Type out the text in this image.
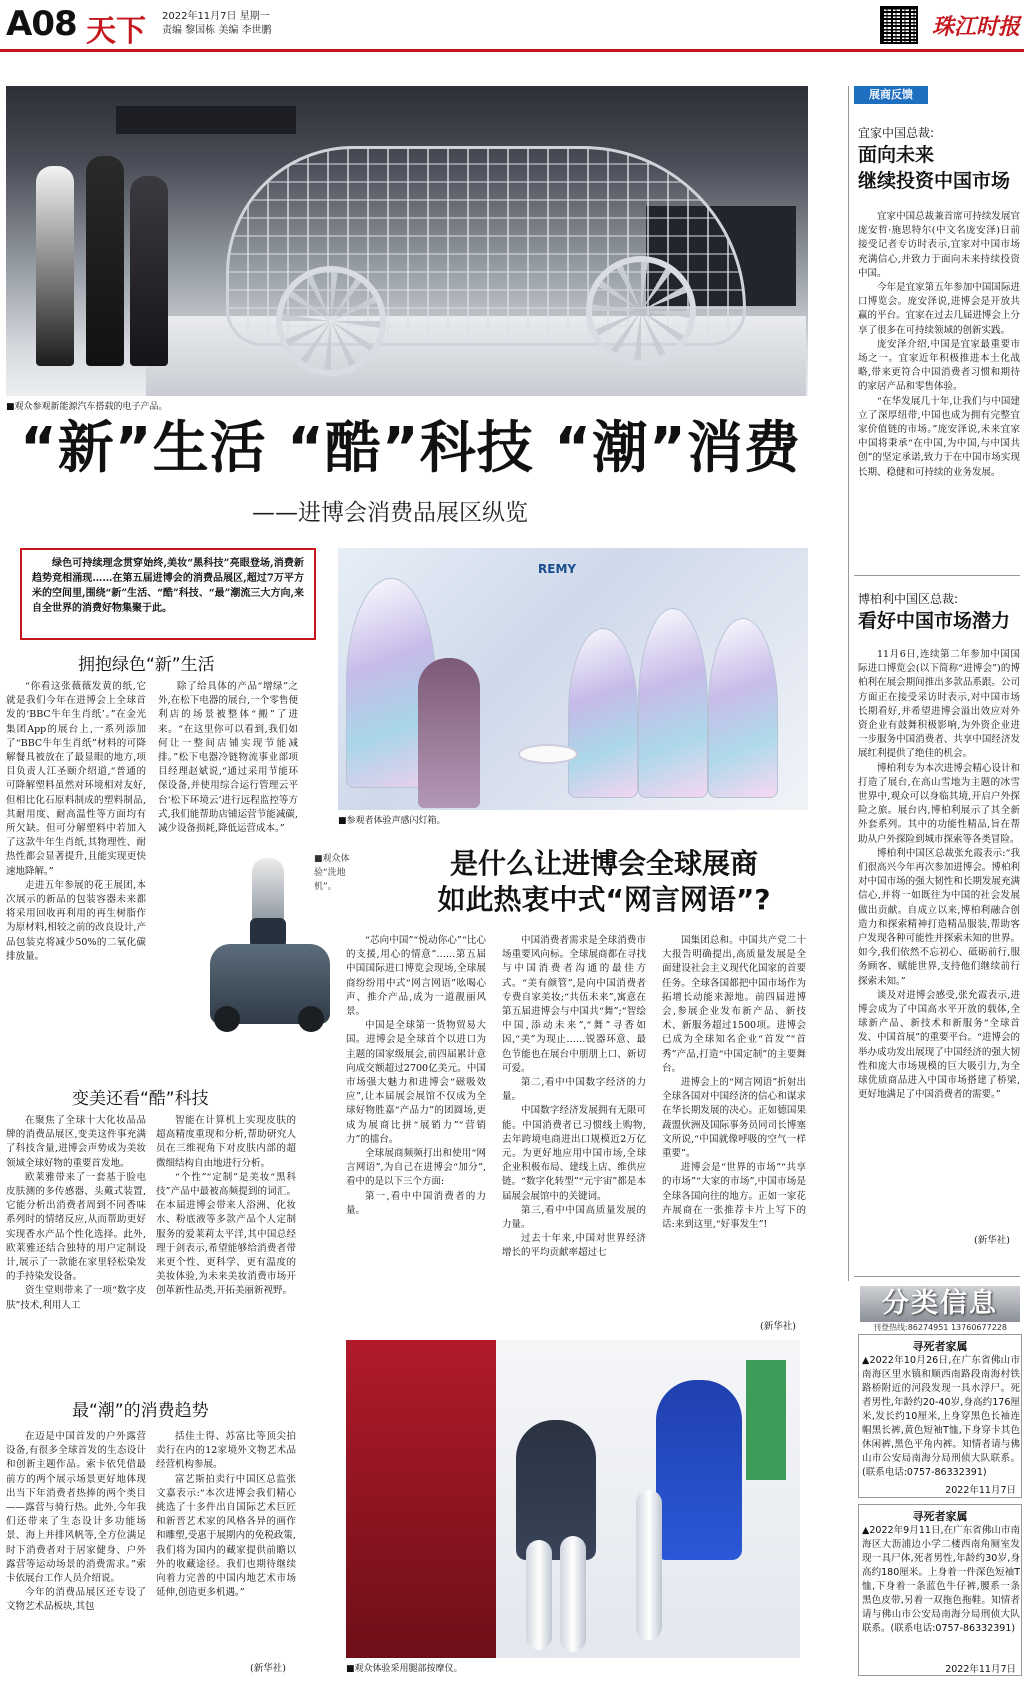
A08 天下 2022年11月7日 星期一
责编 黎国栋 美编 李世鹏	珠江时报
■观众参观新能源汽车搭载的电子产品。
“新”生活 “酷”科技 “潮”消费
——进博会消费品展区纵览

绿色可持续理念贯穿始终,美妆“黑科技”亮眼登场,消费新趋势竞相涌现……在第五届进博会的消费品展区,超过7万平方米的空间里,围绕“新”生活、“酷”科技、“最”潮流三大方向,来自全世界的消费好物集聚于此。

REMY
■参观者体验声感闪灯箱。
拥抱绿色“新”生活

“你看这张薇薇发黄的纸,它就是我们今年在进博会上全球首发的‘BBC牛年生肖纸’。”在金光集团App的展台上,一系列添加了“BBC牛年生肖纸”材料的可降解餐具被放在了最显眼的地方,项目负责人江圣颐介绍道,“普通的可降解塑料虽然对环境相对友好,但相比化石原料制成的塑料制品,其耐用度、耐高温性等方面均有所欠缺。但可分解塑料中若加入了这款牛年生肖纸,其物理性、耐热性都会显著提升,且能实现更快速地降解。”

走进五年参展的花王展团,本次展示的新品的包装容器未来都将采用回收再利用的再生树脂作为原材料,相较之前的改良设计,产品包装克将减少50%的二氧化碳排放量。

除了给具体的产品“增绿”之外,在松下电器的展台,一个零售便利店的场景被整体“搬”了进来。“在这里你可以看到,我们如何让一整间店铺实现节能减排。”松下电器冷链物流事业部项目经理赵斌说,“通过采用节能环保设备,并使用综合运行管理云平台‘松下环境云’进行远程监控等方式,我们能帮助店铺运营节能减碳,减少设备损耗,降低运营成本。”

■观众体验“洗地机”。
变美还看“酷”科技

在聚焦了全球十大化妆品品牌的消费品展区,变美这件事充满了科技含量,进博会声势成为美妆领域全球好物的重要首发地。

欧莱雅带来了一套基于脸电皮肤测的多传感器、头戴式装置,它能分析出消费者周到不同香味系列时的情绪反应,从而帮助更好实现香水产品个性化选择。此外,欧莱雅还结合独特的用户定制设计,展示了一款能在家里轻松染发的手持染发设备。

资生堂则带来了一项“数字皮肤”技术,利用人工

智能在计算机上实现皮肤的超高精度重现和分析,帮助研究人员在三维视角下对皮肤内部的超微细结构自由地进行分析。

“个性”“定制”是美妆“黑科技”产品中最被高频提到的词汇。在本届进博会带来人浴洲、化妆水、粉底液等多款产品个人定制服务的爱莱莉太平洋,其中国总经理于剑表示,希望能够给消费者带来更个性、更科学、更有温度的美妆体验,为未来美妆消费市场开创革新性品类,开拓美丽新视野。

最“潮”的消费趋势

在迈是中国首发的户外露营设备,有很多全球首发的生态设计和创新主题作品。索卡依凭借最前方的两个展示场景更好地体现出当下年消费者热捧的两个类目——露营与骑行热。此外,今年我们还带来了生态设计多功能场景、海上并排风帆等,全方位满足时下消费者对于居家健身、户外露营等运动场景的消费需求。”索卡依展台工作人员介绍说。

今年的消费品展区还专设了文物艺术品板块,其包

括佳士得、苏富比等顶尖拍卖行在内的12家境外文物艺术品经营机构参展。

富艺斯拍卖行中国区总监张文嘉表示:“本次进博会我们精心挑选了十多件出自国际艺术巨匠和新晋艺术家的风格各异的画作和雕塑,受惠于展期内的免税政策,我们将为国内的藏家提供前瞻以外的收藏途径。我们也期待继续向着力完善的中国内地艺术市场延伸,创造更多机遇。”

(新华社)
是什么让进博会全球展商
如此热衷中式“网言网语”?

“芯向中国”“悦动你心”“比心的支援,用心的情意”……第五届中国国际进口博览会现场,全球展商纷纷用中式“网言网语”吆喝心声、推介产品,成为一道靓丽风景。

中国是全球第一货物贸易大国。进博会是全球首个以进口为主题的国家级展会,前四届累计意向成交额超过2700亿美元。中国市场强大魅力和进博会“磁吸效应”,让本届展会展馆不仅成为全球好物胜嘉“产品力”的团圆场,更成为展商比拼“展销力”“营销力”的擂台。

全球展商频频打出和使用“网言网语”,为自己在进博会“加分”,看中的是以下三个方面:

第一,看中中国消费者的力量。

中国消费者需求是全球消费市场重要风向标。全球展商都在寻找与中国消费者沟通的最佳方式。“美有颜管”,是向中国消费者专费自家美妆;“共伍未来”,寓意在第五届进博会与中国共“舞”;“智绘中国,添动未来”,“舞”寻香如因,“美”为现止……锐器环意、最色节能也在展台中朋朋上口、新切可爱。

第二,看中中国数字经济的力量。

中国数字经济发展拥有无限可能。中国消费者已习惯线上购物,去年跨境电商进出口规模近2万亿元。为更好地应用中国市场,全球企业积极布局、建线上店、维供应链。“数字化转型”“元宇宙”都是本届展会展馆中的关键词。

第三,看中中国高质量发展的力量。

过去十年来,中国对世界经济增长的平均贡献率超过七

国集团总和。中国共产党二十大报告明确提出,高质量发展是全面建设社会主义现代化国家的首要任务。全球各国都把中国市场作为拓增长动能来源地。前四届进博会,参展企业发布新产品、新技术、新服务超过1500项。进博会已成为全球知名企业“首发”“首秀”产品,打造“中国定制”的主要舞台。

进博会上的“网言网语”折射出全球各国对中国经济的信心和谋求在华长期发展的决心。正如德国果蔬盟伙洲及国际事务员同司长博塞文所说,“中国就像呼吸的空气一样重要”。

进博会是“世界的市场”“共享的市场”“大家的市场”,中国市场是全球各国向往的地方。正如一家花卉展商在一张推荐卡片上写下的话:来到这里,“好事发生”!

(新华社)
■观众体验采用腿部按摩仪。
展商反馈
宜家中国总裁:
面向未来
继续投资中国市场

宜家中国总裁兼首席可持续发展官庞安哲·施思特尔(中文名庞安泽)日前接受记者专访时表示,宜家对中国市场充满信心,并致力于面向未来持续投资中国。

今年是宜家第五年参加中国国际进口博览会。庞安泽说,进博会是开放共赢的平台。宜家在过去几届进博会上分享了很多在可持续领域的创新实践。

庞安泽介绍,中国是宜家最重要市场之一。宜家近年积极推进本土化战略,带来更符合中国消费者习惯和期待的家居产品和零售体验。

“在华发展几十年,让我们与中国建立了深厚纽带,中国也成为拥有完整宜家价值链的市场。”庞安泽说,未来宜家中国将秉承“在中国,为中国,与中国共创”的坚定承诺,致力于在中国市场实现长期、稳健和可持续的业务发展。

博柏利中国区总裁:
看好中国市场潜力

11月6日,连续第二年参加中国国际进口博览会(以下简称“进博会”)的博柏利在展会期间推出多款品系跟。公司方面正在接受采访时表示,对中国市场长期看好,并希望进博会溢出效应对外资企业有鼓舞积极影响,为外资企业进一步服务中国消费者、共享中国经济发展红利提供了绝佳的机会。

博柏利专为本次进博会精心设计和打造了展台,在高山雪地为主题的冰雪世界中,观众可以身临其境,开启户外探险之旅。展台内,博柏利展示了其全新外套系列。其中的功能性精品,旨在帮助从户外探险到城市探索等各类冒险。

博柏利中国区总裁张允霞表示:“我们很高兴今年再次参加进博会。博柏利对中国市场的强大韧性和长期发展充满信心,并将一如既往为中国的社会发展做出贡献。自成立以来,博柏利融合创造力和探索精神打造精品服装,帮助客户发现各种可能性并探索未知的世界。如今,我们依然不忘初心、砥砺前行,服务顾客、赋能世界,支持他们继续前行探索未知。”

谈及对进博会感受,张允霞表示,进博会成为了中国高水平开放的载体,全球新产品、新技术和新服务“全球首发、中国首展”的重要平台。“进博会的举办成功发出展现了中国经济的强大韧性和庞大市场规模的巨大吸引力,为全球优质商品进入中国市场搭建了桥梁,更好地满足了中国消费者的需要。”

(新华社)
分类信息
刊登热线:86274951 13760677228
寻死者家属
▲2022年10月26日,在广东省佛山市南海区里水镇和顺西南路段南海村铁路桥附近的河段发现一具水浮尸。死者男性,年龄约20-40岁,身高约176厘米,发长约10厘米,上身穿黑色长袖连帽黑长裤,黄色短袖T恤,下身穿卡其色休闲裤,黑色平角内裤。知情者请与佛山市公安局南海分局刑侦大队联系。(联系电话:0757-86332391)
2022年11月7日
寻死者家属
▲2022年9月11日,在广东省佛山市南海区大沥浦边小学二楼西南角厕室发现一具尸体,死者男性,年龄约30岁,身高约180厘米。上身着一件深色短袖T恤,下身着一条蓝色牛仔裤,腰系一条黑色皮带,另着一双拖色拖鞋。知情者请与佛山市公安局南海分局刑侦大队联系。(联系电话:0757-86332391)
2022年11月7日
